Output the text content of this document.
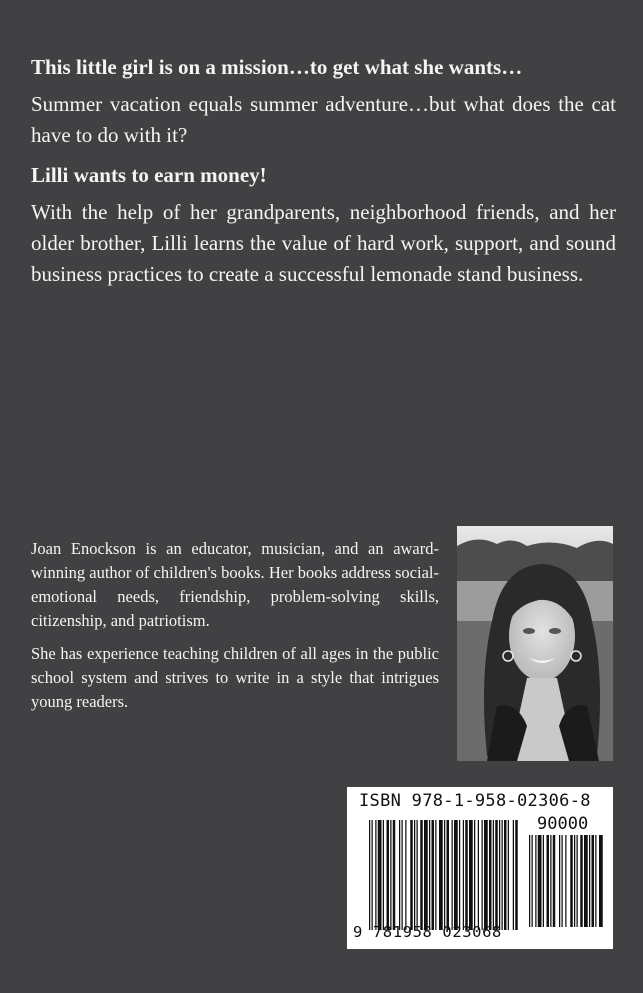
This little girl is on a mission…to get what she wants…

Summer vacation equals summer adventure…but what does the cat have to do with it?

Lilli wants to earn money!

With the help of her grandparents, neighborhood friends, and her older brother, Lilli learns the value of hard work, support, and sound business practices to create a successful lemonade stand business.

Joan Enockson is an educator, musician, and an award-winning author of children's books. Her books address social-emotional needs, friendship, problem-solving skills, citizenship, and patriotism.

She has experience teaching children of all ages in the public school system and strives to write in a style that intrigues young readers.

ISBN 978-1-958-02306-8
90000
9 781958 023068
